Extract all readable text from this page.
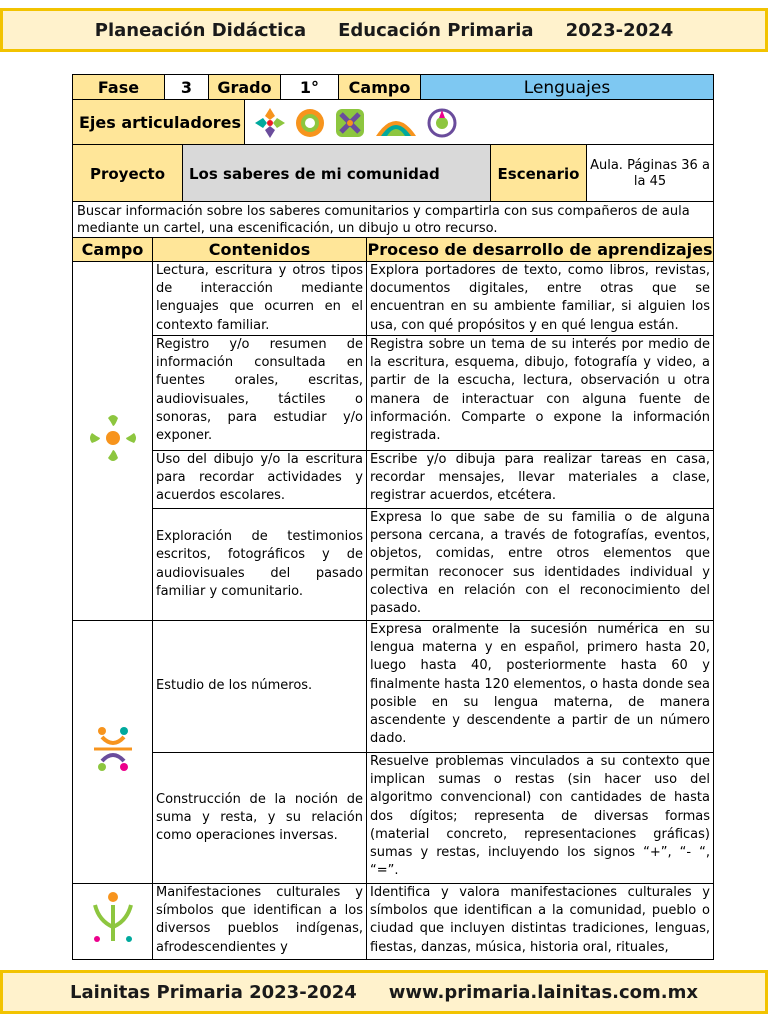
Planeación Didáctica Educación Primaria 2023-2024
Fase	3	Grado	1°	Campo	Lenguajes
Ejes articuladores	
Proyecto	Los saberes de mi comunidad	Escenario	Aula. Páginas 36 a la 45
Buscar información sobre los saberes comunitarios y compartirla con sus compañeros de aula mediante un cartel, una escenificación, un dibujo u otro recurso.
Campo	Contenidos	Proceso de desarrollo de aprendizajes
	Lectura, escritura y otros tipos de interacción mediante lenguajes que ocurren en el contexto familiar.	Explora portadores de texto, como libros, revistas, documentos digitales, entre otras que se encuentran en su ambiente familiar, si alguien los usa, con qué propósitos y en qué lengua están.
	Registro y/o resumen de información consultada en fuentes orales, escritas, audiovisuales, táctiles o sonoras, para estudiar y/o exponer.	Registra sobre un tema de su interés por medio de la escritura, esquema, dibujo, fotografía y video, a partir de la escucha, lectura, observación u otra manera de interactuar con alguna fuente de información. Comparte o expone la información registrada.
	Uso del dibujo y/o la escritura para recordar actividades y acuerdos escolares.	Escribe y/o dibuja para realizar tareas en casa, recordar mensajes, llevar materiales a clase, registrar acuerdos, etcétera.
	Exploración de testimonios escritos, fotográficos y de audiovisuales del pasado familiar y comunitario.	Expresa lo que sabe de su familia o de alguna persona cercana, a través de fotografías, eventos, objetos, comidas, entre otros elementos que permitan reconocer sus identidades individual y colectiva en relación con el reconocimiento del pasado.
	Estudio de los números.	Expresa oralmente la sucesión numérica en su lengua materna y en español, primero hasta 20, luego hasta 40, posteriormente hasta 60 y finalmente hasta 120 elementos, o hasta donde sea posible en su lengua materna, de manera ascendente y descendente a partir de un número dado.
	Construcción de la noción de suma y resta, y su relación como operaciones inversas.	Resuelve problemas vinculados a su contexto que implican sumas o restas (sin hacer uso del algoritmo convencional) con cantidades de hasta dos dígitos; representa de diversas formas (material concreto, representaciones gráficas) sumas y restas, incluyendo los signos “+”, “- “, “=”.
	Manifestaciones culturales y símbolos que identifican a los diversos pueblos indígenas, afrodescendientes y	Identifica y valora manifestaciones culturales y símbolos que identifican a la comunidad, pueblo o ciudad que incluyen distintas tradiciones, lenguas, fiestas, danzas, música, historia oral, rituales,
Lainitas Primaria 2023-2024 www.primaria.lainitas.com.mx
